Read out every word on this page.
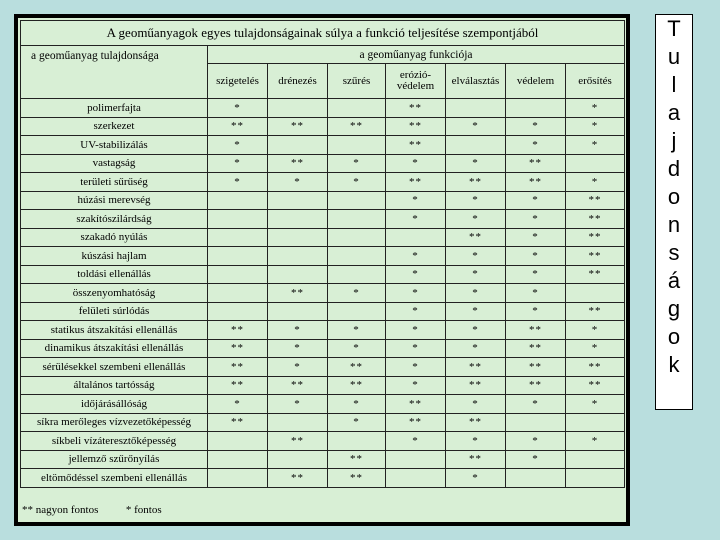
A geoműanyagok egyes tulajdonságainak súlya a funkció teljesítése szempontjából							
a geoműanyag tulajdonsága	a geoműanyag funkciója						
	szigetelés	drénezés	szűrés	erózió-védelem	elválasztás	védelem	erősítés
polimerfajta	*			**			*
szerkezet	**	**	**	**	*	*	*
UV-stabilizálás	*			**		*	*
vastagság	*	**	*	*	*	**	
területi sűrűség	*	*	*	**	**	**	*
húzási merevség				*	*	*	**
szakítószilárdság				*	*	*	**
szakadó nyúlás					**	*	**
kúszási hajlam				*	*	*	**
toldási ellenállás				*	*	*	**
összenyomhatóság		**	*	*	*	*	
felületi súrlódás				*	*	*	**
statikus átszakítási ellenállás	**	*	*	*	*	**	*
dinamikus átszakítási ellenállás	**	*	*	*	*	**	*
sérülésekkel szembeni ellenállás	**	*	**	*	**	**	**
általános tartósság	**	**	**	*	**	**	**
időjárásállóság	*	*	*	**	*	*	*
síkra merőleges vízvezetőképesség	**		*	**	**		
síkbeli vízáteresztőképesség		**		*	*	*	*
jellemző szűrőnyílás			**		**	*	
eltömődéssel szembeni ellenállás		**	**		*		
** nagyon fontos	* fontos
T
u
l
a
j
d
o
n
s
á
g
o
k
